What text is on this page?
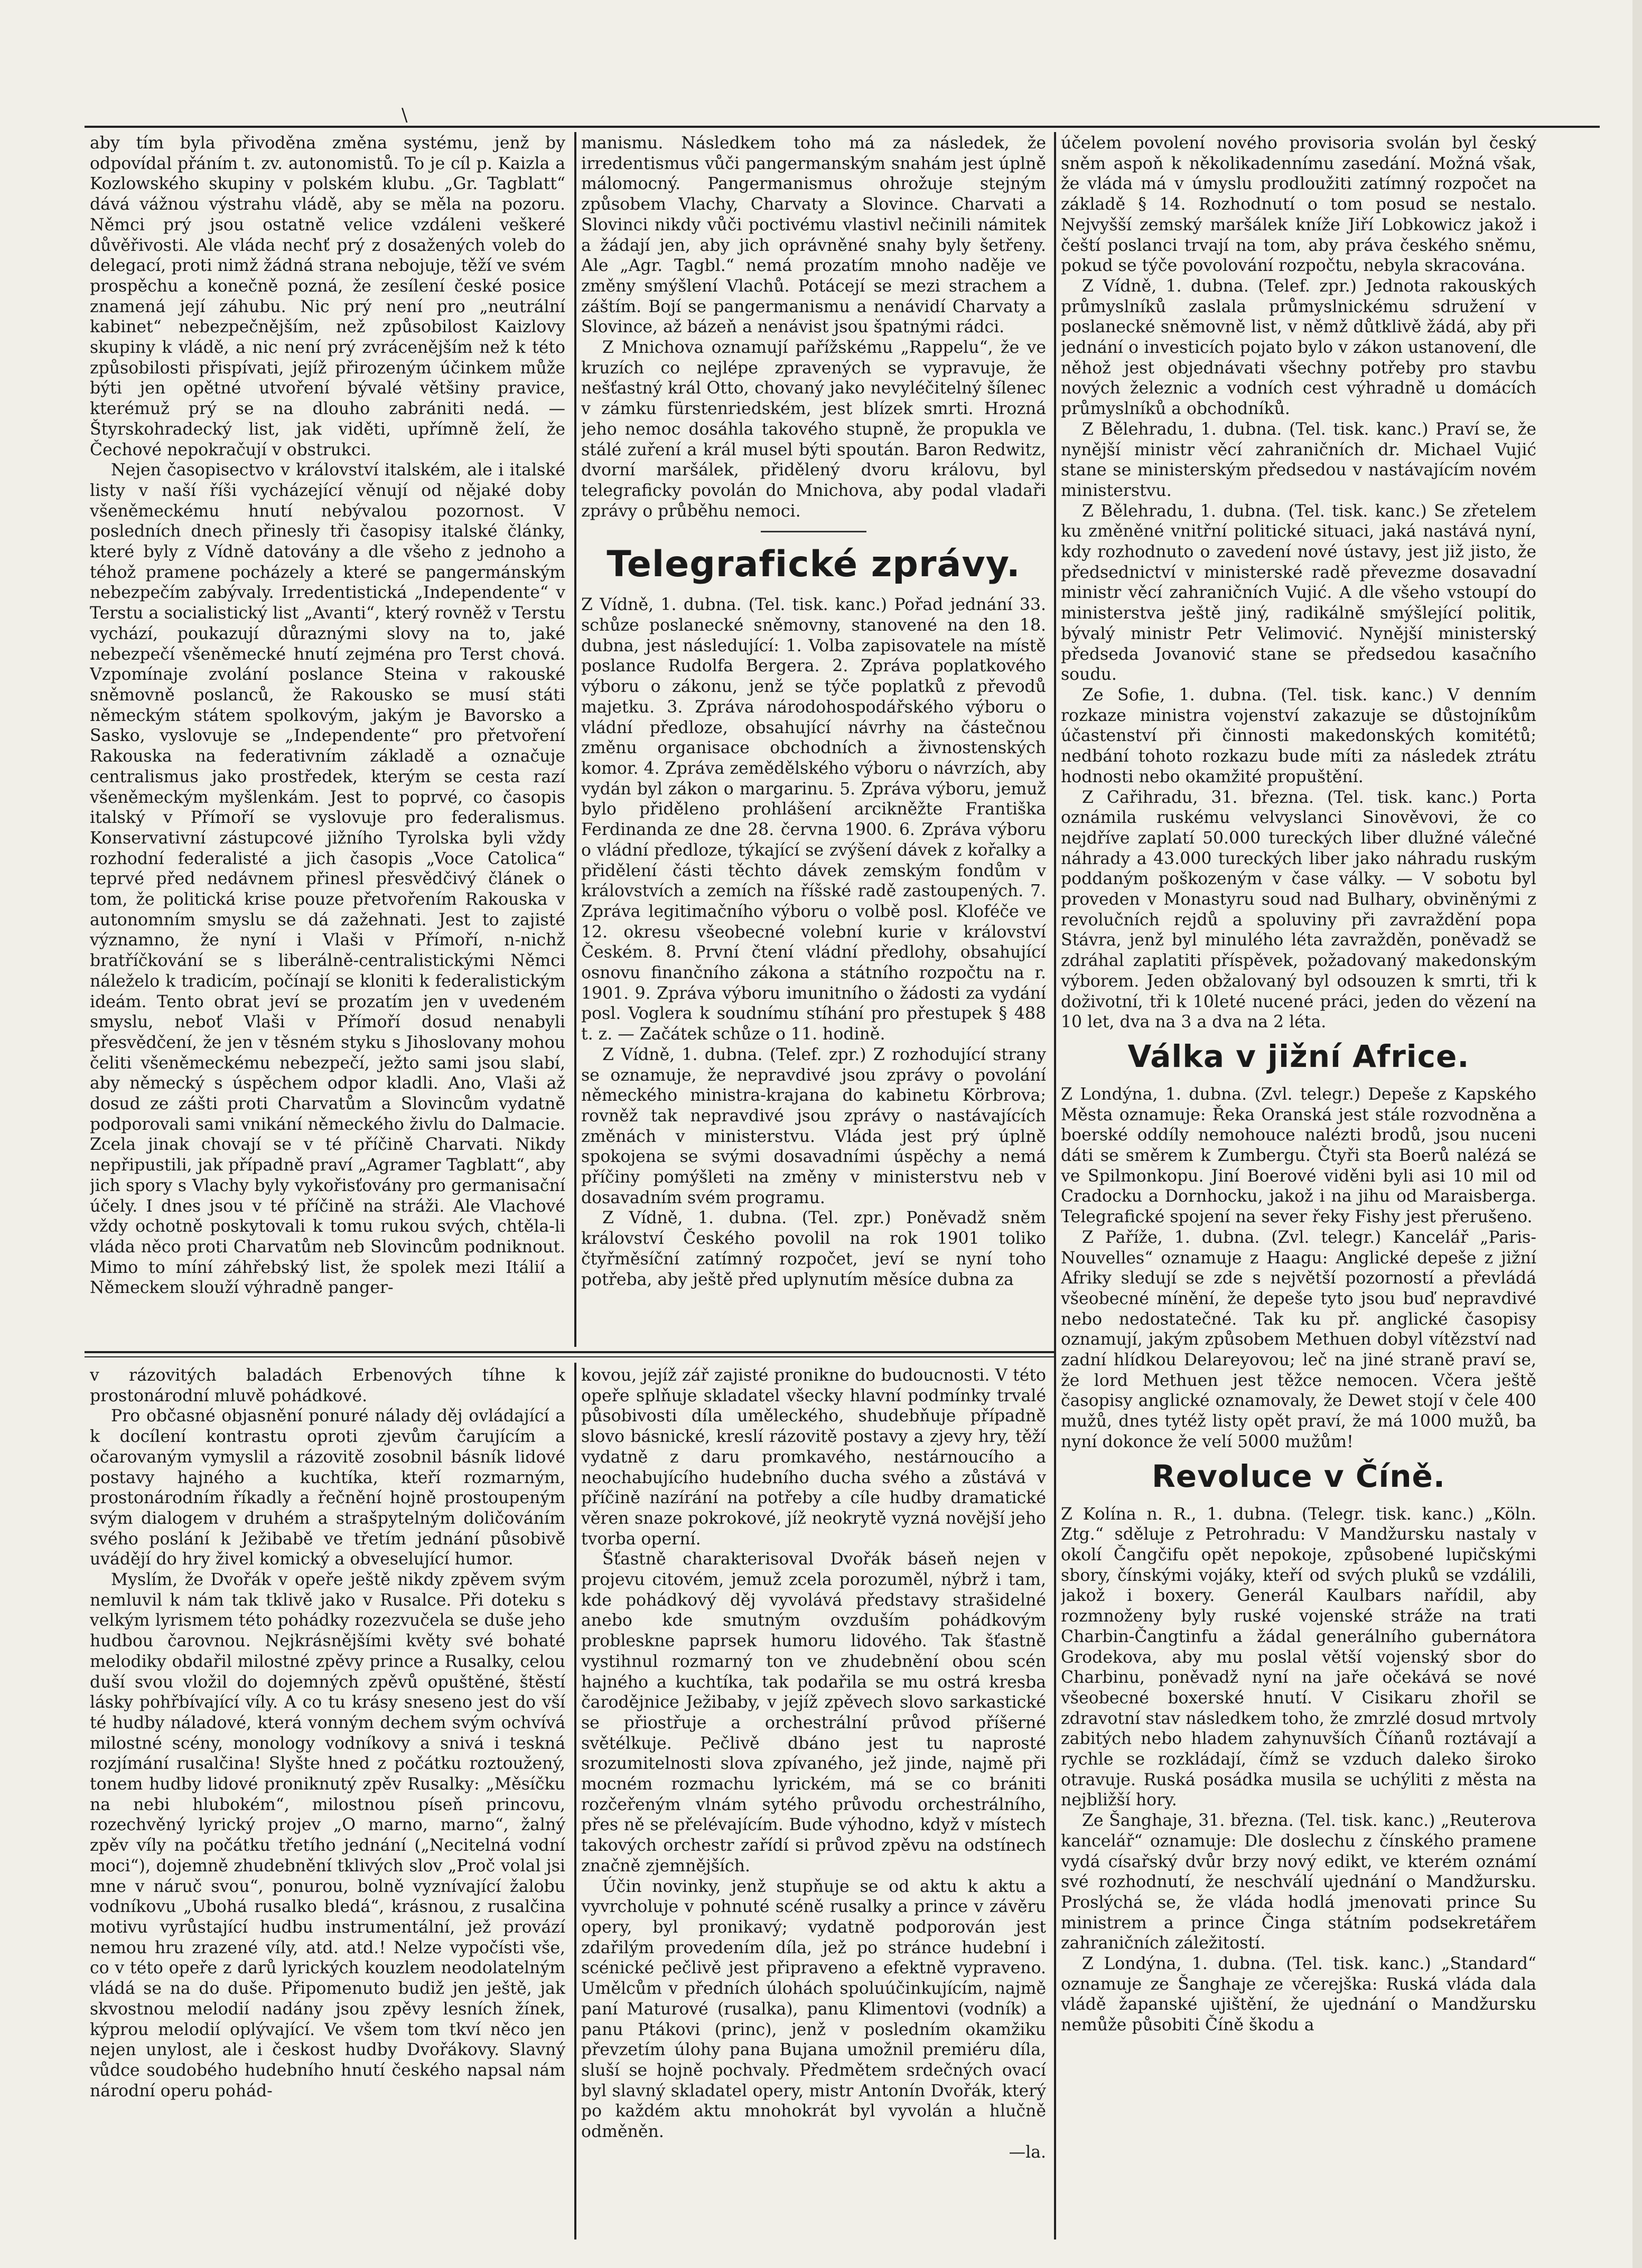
aby tím byla přivoděna změna systému, jenž by odpovídal přáním t. zv. autonomistů. To je cíl p. Kaizla a Kozlowského skupiny v polském klubu. „Gr. Tagblatt“ dává vážnou výstrahu vládě, aby se měla na pozoru. Němci prý jsou ostatně velice vzdáleni veškeré důvěřivosti. Ale vláda nechť prý z dosažených voleb do delegací, proti nimž žádná strana nebojuje, těží ve svém prospěchu a konečně pozná, že zesílení české posice znamená její záhubu. Nic prý není pro „neutrální kabinet“ nebezpečnějším, než způsobilost Kaizlovy skupiny k vládě, a nic není prý zvrácenějším než k této způsobilosti přispívati, jejíž přirozeným účinkem může býti jen opětné utvoření bývalé většiny pravice, kterémuž prý se na dlouho zabrániti nedá. — Štyrskohradecký list, jak viděti, upřímně želí, že Čechové nepokračují v obstrukci.

Nejen časopisectvo v království italském, ale i italské listy v naší říši vycházející věnují od nějaké doby všeněmeckému hnutí nebývalou pozornost. V posledních dnech přinesly tři časopisy italské články, které byly z Vídně datovány a dle všeho z jednoho a téhož pramene pocházely a které se pangermánským nebezpečím zabývaly. Irredentistická „Independente“ v Terstu a socialistický list „Avanti“, který rovněž v Terstu vychází, poukazují důraznými slovy na to, jaké nebezpečí všeněmecké hnutí zejména pro Terst chová. Vzpomínaje zvolání poslance Steina v rakouské sněmovně poslanců, že Rakousko se musí státi německým státem spolkovým, jakým je Bavorsko a Sasko, vyslovuje se „Independente“ pro přetvoření Rakouska na federativním základě a označuje centralismus jako prostředek, kterým se cesta razí všeněmeckým myšlenkám. Jest to poprvé, co časopis italský v Přímoří se vyslovuje pro federalismus. Konservativní zástupcové jižního Tyrolska byli vždy rozhodní federalisté a jich časopis „Voce Catolica“ teprvé před nedávnem přinesl přesvědčivý článek o tom, že politická krise pouze přetvořením Rakouska v autonomním smyslu se dá zažehnati. Jest to zajisté významno, že nyní i Vlaši v Přímoří, n-nichž bratříčkování se s liberálně-centralistickými Němci náleželo k tradicím, počínají se kloniti k federalistickým ideám. Tento obrat jeví se prozatím jen v uvedeném smyslu, neboť Vlaši v Přímoří dosud nenabyli přesvědčení, že jen v těsném styku s Jihoslovany mohou čeliti všeněmeckému nebezpečí, ježto sami jsou slabí, aby německý s úspěchem odpor kladli. Ano, Vlaši až dosud ze zášti proti Charvatům a Slovincům vydatně podporovali sami vnikání německého živlu do Dalmacie. Zcela jinak chovají se v té příčině Charvati. Nikdy nepřipustili, jak případně praví „Agramer Tagblatt“, aby jich spory s Vlachy byly vykořisťovány pro germanisační účely. I dnes jsou v té příčině na stráži. Ale Vlachové vždy ochotně poskytovali k tomu rukou svých, chtěla-li vláda něco proti Charvatům neb Slovincům podniknout. Mimo to míní záhřebský list, že spolek mezi Itálií a Německem slouží výhradně panger-

manismu. Následkem toho má za následek, že irredentismus vůči pangermanským snahám jest úplně málomocný. Pangermanismus ohrožuje stejným způsobem Vlachy, Charvaty a Slovince. Charvati a Slovinci nikdy vůči poctivému vlastivl nečinili námitek a žádají jen, aby jich oprávněné snahy byly šetřeny. Ale „Agr. Tagbl.“ nemá prozatím mnoho naděje ve změny smýšlení Vlachů. Potácejí se mezi strachem a záštím. Bojí se pangermanismu a nenávidí Charvaty a Slovince, až bázeň a nenávist jsou špatnými rádci.

Z Mnichova oznamují pařížskému „Rappelu“, že ve kruzích co nejlépe zpravených se vypravuje, že nešťastný král Otto, chovaný jako nevyléčitelný šílenec v zámku fürstenriedském, jest blízek smrti. Hrozná jeho nemoc dosáhla takového stupně, že propukla ve stálé zuření a král musel býti spoután. Baron Redwitz, dvorní maršálek, přidělený dvoru královu, byl telegraficky povolán do Mnichova, aby podal vladaři zprávy o průběhu nemoci.

Telegrafické zprávy.

Z Vídně, 1. dubna. (Tel. tisk. kanc.) Pořad jednání 33. schůze poslanecké sněmovny, stanovené na den 18. dubna, jest následující: 1. Volba zapisovatele na místě poslance Rudolfa Bergera. 2. Zpráva poplatkového výboru o zákonu, jenž se týče poplatků z převodů majetku. 3. Zpráva národohospodářského výboru o vládní předloze, obsahující návrhy na částečnou změnu organisace obchodních a živnostenských komor. 4. Zpráva zemědělského výboru o návrzích, aby vydán byl zákon o margarinu. 5. Zpráva výboru, jemuž bylo přiděleno prohlášení arcikněžte Františka Ferdinanda ze dne 28. června 1900. 6. Zpráva výboru o vládní předloze, týkající se zvýšení dávek z kořalky a přidělení části těchto dávek zemským fondům v královstvích a zemích na říšské radě zastoupených. 7. Zpráva legitimačního výboru o volbě posl. Kloféče ve 12. okresu všeobecné volební kurie v království Českém. 8. První čtení vládní předlohy, obsahující osnovu finančního zákona a státního rozpočtu na r. 1901. 9. Zpráva výboru imunitního o žádosti za vydání posl. Voglera k soudnímu stíhání pro přestupek § 488 t. z. — Začátek schůze o 11. hodině.

Z Vídně, 1. dubna. (Telef. zpr.) Z rozhodující strany se oznamuje, že nepravdivé jsou zprávy o povolání německého ministra-krajana do kabinetu Körbrova; rovněž tak nepravdivé jsou zprávy o nastávajících změnách v ministerstvu. Vláda jest prý úplně spokojena se svými dosavadními úspěchy a nemá příčiny pomýšleti na změny v ministerstvu neb v dosavadním svém programu.

Z Vídně, 1. dubna. (Tel. zpr.) Poněvadž sněm království Českého povolil na rok 1901 toliko čtyřměsíční zatímný rozpočet, jeví se nyní toho potřeba, aby ještě před uplynutím měsíce dubna za

účelem povolení nového provisoria svolán byl český sněm aspoň k několikadennímu zasedání. Možná však, že vláda má v úmyslu prodloužiti zatímný rozpočet na základě § 14. Rozhodnutí o tom posud se nestalo. Nejvyšší zemský maršálek kníže Jiří Lobkowicz jakož i čeští poslanci trvají na tom, aby práva českého sněmu, pokud se týče povolování rozpočtu, nebyla skracována.

Z Vídně, 1. dubna. (Telef. zpr.) Jednota rakouských průmyslníků zaslala průmyslnickému sdružení v poslanecké sněmovně list, v němž důtklivě žádá, aby při jednání o investicích pojato bylo v zákon ustanovení, dle něhož jest objednávati všechny potřeby pro stavbu nových železnic a vodních cest výhradně u domácích průmyslníků a obchodníků.

Z Bělehradu, 1. dubna. (Tel. tisk. kanc.) Praví se, že nynější ministr věcí zahraničních dr. Michael Vujić stane se ministerským předsedou v nastávajícím novém ministerstvu.

Z Bělehradu, 1. dubna. (Tel. tisk. kanc.) Se zřetelem ku změněné vnitřní politické situaci, jaká nastává nyní, kdy rozhodnuto o zavedení nové ústavy, jest již jisto, že předsednictví v ministerské radě převezme dosavadní ministr věcí zahraničních Vujić. A dle všeho vstoupí do ministerstva ještě jiný, radikálně smýšlející politik, bývalý ministr Petr Velimović. Nynější ministerský předseda Jovanović stane se předsedou kasačního soudu.

Ze Sofie, 1. dubna. (Tel. tisk. kanc.) V denním rozkaze ministra vojenství zakazuje se důstojníkům účastenství při činnosti makedonských komitétů; nedbání tohoto rozkazu bude míti za následek ztrátu hodnosti nebo okamžité propuštění.

Z Cařihradu, 31. března. (Tel. tisk. kanc.) Porta oznámila ruskému velvyslanci Sinověvovi, že co nejdříve zaplatí 50.000 tureckých liber dlužné válečné náhrady a 43.000 tureckých liber jako náhradu ruským poddaným poškozeným v čase války. — V sobotu byl proveden v Monastyru soud nad Bulhary, obviněnými z revolučních rejdů a spoluviny při zavraždění popa Stávra, jenž byl minulého léta zavražděn, poněvadž se zdráhal zaplatiti příspěvek, požadovaný makedonským výborem. Jeden obžalovaný byl odsouzen k smrti, tři k doživotní, tři k 10leté nucené práci, jeden do vězení na 10 let, dva na 3 a dva na 2 léta.

Válka v jižní Africe.

Z Londýna, 1. dubna. (Zvl. telegr.) Depeše z Kapského Města oznamuje: Řeka Oranská jest stále rozvodněna a boerské oddíly nemohouce nalézti brodů, jsou nuceni dáti se směrem k Zumbergu. Čtyři sta Boerů nalézá se ve Spilmonkopu. Jiní Boerové viděni byli asi 10 mil od Cradocku a Dornhocku, jakož i na jihu od Maraisberga. Telegrafické spojení na sever řeky Fishy jest přerušeno.

Z Paříže, 1. dubna. (Zvl. telegr.) Kancelář „Paris-Nouvelles“ oznamuje z Haagu: Anglické depeše z jižní Afriky sledují se zde s největší pozorností a převládá všeobecné mínění, že depeše tyto jsou buď nepravdivé nebo nedostatečné. Tak ku př. anglické časopisy oznamují, jakým způsobem Methuen dobyl vítězství nad zadní hlídkou Delareyovou; leč na jiné straně praví se, že lord Methuen jest těžce nemocen. Včera ještě časopisy anglické oznamovaly, že Dewet stojí v čele 400 mužů, dnes tytéž listy opět praví, že má 1000 mužů, ba nyní dokonce že velí 5000 mužům!

Revoluce v Číně.

Z Kolína n. R., 1. dubna. (Telegr. tisk. kanc.) „Köln. Ztg.“ sděluje z Petrohradu: V Mandžursku nastaly v okolí Čangčifu opět nepokoje, způsobené lupičskými sbory, čínskými vojáky, kteří od svých pluků se vzdálili, jakož i boxery. Generál Kaulbars nařídil, aby rozmnoženy byly ruské vojenské stráže na trati Charbin-Čangtinfu a žádal generálního gubernátora Grodekova, aby mu poslal větší vojenský sbor do Charbinu, poněvadž nyní na jaře očekává se nové všeobecné boxerské hnutí. V Cisikaru zhořil se zdravotní stav následkem toho, že zmrzlé dosud mrtvoly zabitých nebo hladem zahynuvších Číňanů roztávají a rychle se rozkládají, čímž se vzduch daleko široko otravuje. Ruská posádka musila se uchýliti z města na nejbližší hory.

Ze Šanghaje, 31. března. (Tel. tisk. kanc.) „Reuterova kancelář“ oznamuje: Dle doslechu z čínského pramene vydá císařský dvůr brzy nový edikt, ve kterém oznámí své rozhodnutí, že neschválí ujednání o Mandžursku. Proslýchá se, že vláda hodlá jmenovati prince Su ministrem a prince Činga státním podsekretářem zahraničních záležitostí.

Z Londýna, 1. dubna. (Tel. tisk. kanc.) „Standard“ oznamuje ze Šanghaje ze včerejška: Ruská vláda dala vládě žapanské ujištění, že ujednání o Mandžursku nemůže působiti Číně škodu a

v rázovitých baladách Erbenových tíhne k prostonárodní mluvě pohádkové.

Pro občasné objasnění ponuré nálady děj ovládající a k docílení kontrastu oproti zjevům čarujícím a očarovaným vymyslil a rázovitě zosobnil básník lidové postavy hajného a kuchtíka, kteří rozmarným, prostonárodním říkadly a řečnění hojně prostoupeným svým dialogem v druhém a strašpytelným doličováním svého poslání k Ježibabě ve třetím jednání působivě uvádějí do hry živel komický a obveselující humor.

Myslím, že Dvořák v opeře ještě nikdy zpěvem svým nemluvil k nám tak tklivě jako v Rusalce. Při doteku s velkým lyrismem této pohádky rozezvučela se duše jeho hudbou čarovnou. Nejkrásnějšími květy své bohaté melodiky obdařil milostné zpěvy prince a Rusalky, celou duší svou vložil do dojemných zpěvů opuštěné, štěstí lásky pohřbívající víly. A co tu krásy sneseno jest do vší té hudby náladové, která vonným dechem svým ochvívá milostné scény, monology vodníkovy a snivá i teskná rozjímání rusalčina! Slyšte hned z počátku roztoužený, tonem hudby lidové proniknutý zpěv Rusalky: „Měsíčku na nebi hlubokém“, milostnou píseň princovu, rozechvěný lyrický projev „O marno, marno“, žalný zpěv víly na počátku třetího jednání („Necitelná vodní moci“), dojemně zhudebnění tklivých slov „Proč volal jsi mne v náruč svou“, ponurou, bolně vyznívající žalobu vodníkovu „Ubohá rusalko bledá“, krásnou, z rusalčina motivu vyrůstající hudbu instrumentální, jež provází nemou hru zrazené víly, atd. atd.! Nelze vypočísti vše, co v této opeře z darů lyrických kouzlem neodolatelným vládá se na do duše. Připomenuto budiž jen ještě, jak skvostnou melodií nadány jsou zpěvy lesních žínek, kýprou melodií oplývající. Ve všem tom tkví něco jen nejen unylost, ale i českost hudby Dvořákovy. Slavný vůdce soudobého hudebního hnutí českého napsal nám národní operu pohád-

kovou, jejíž zář zajisté pronikne do budoucnosti. V této opeře splňuje skladatel všecky hlavní podmínky trvalé působivosti díla uměleckého, shudebňuje případně slovo básnické, kreslí rázovitě postavy a zjevy hry, těží vydatně z daru promkavého, nestárnoucího a neochabujícího hudebního ducha svého a zůstává v příčině nazírání na potřeby a cíle hudby dramatické věren snaze pokrokové, jíž neokrytě vyzná novější jeho tvorba operní.

Šťastně charakterisoval Dvořák báseň nejen v projevu citovém, jemuž zcela porozuměl, nýbrž i tam, kde pohádkový děj vyvolává představy strašidelné anebo kde smutným ovzduším pohádkovým probleskne paprsek humoru lidového. Tak šťastně vystihnul rozmarný ton ve zhudebnění obou scén hajného a kuchtíka, tak podařila se mu ostrá kresba čarodějnice Ježibaby, v jejíž zpěvech slovo sarkastické se přiostřuje a orchestrální průvod příšerné světélkuje. Pečlivě dbáno jest tu naprosté srozumitelnosti slova zpívaného, jež jinde, najmě při mocném rozmachu lyrickém, má se co brániti rozčeřeným vlnám sytého průvodu orchestrálního, přes ně se přelévajícím. Bude výhodno, když v místech takových orchestr zařídí si průvod zpěvu na odstínech značně zjemnějších.

Účin novinky, jenž stupňuje se od aktu k aktu a vyvrcholuje v pohnuté scéně rusalky a prince v závěru opery, byl pronikavý; vydatně podporován jest zdařilým provedením díla, jež po stránce hudební i scénické pečlivě jest připraveno a efektně vypraveno. Umělcům v předních úlohách spoluúčinkujícím, najmě paní Maturové (rusalka), panu Klimentovi (vodník) a panu Ptákovi (princ), jenž v posledním okamžiku převzetím úlohy pana Bujana umožnil premiéru díla, sluší se hojně pochvaly. Předmětem srdečných ovací byl slavný skladatel opery, mistr Antonín Dvořák, který po každém aktu mnohokrát byl vyvolán a hlučně odměněn.

—la.

\
